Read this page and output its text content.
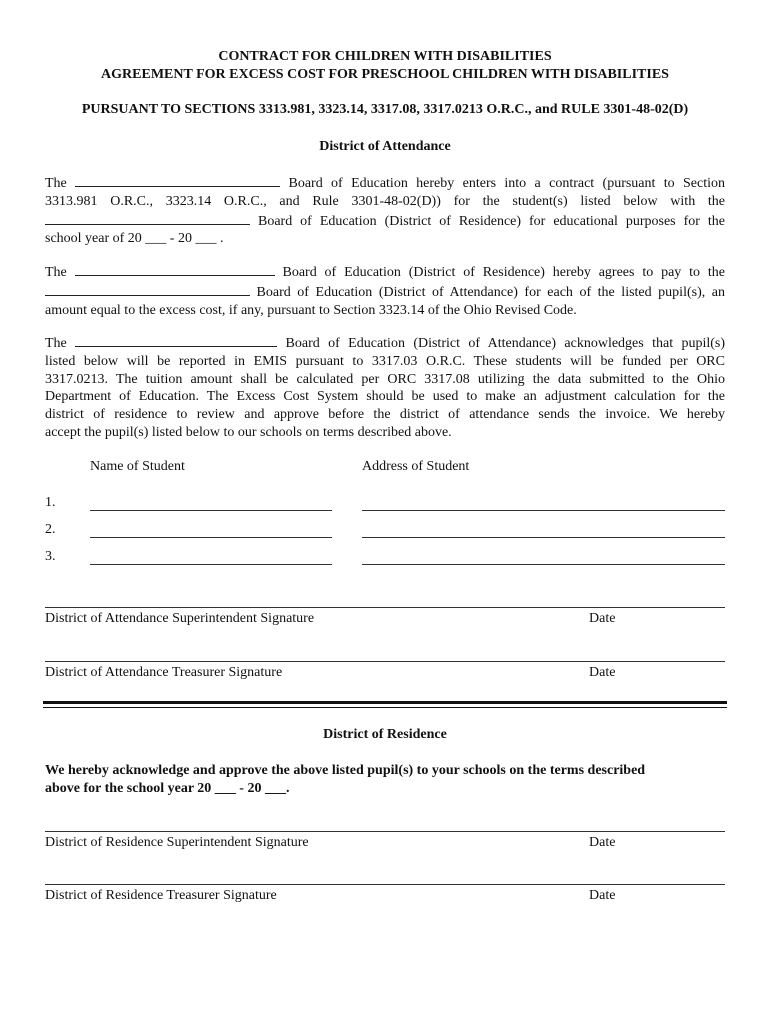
CONTRACT FOR CHILDREN WITH DISABILITIES
AGREEMENT FOR EXCESS COST FOR PRESCHOOL CHILDREN WITH DISABILITIES
PURSUANT TO SECTIONS 3313.981, 3323.14, 3317.08, 3317.0213 O.R.C., and RULE 3301-48-02(D)
District of Attendance
The	Board of Education hereby enters into a contract (pursuant to Section
3313.981 O.R.C., 3323.14 O.R.C., and Rule 3301-48-02(D)) for the student(s) listed below with the
Board of Education (District of Residence) for educational purposes for the
school year of 20 ___ - 20 ___ .
The	Board of Education (District of Residence) hereby agrees to pay to the
Board of Education (District of Attendance) for each of the listed pupil(s), an
amount equal to the excess cost, if any, pursuant to Section 3323.14 of the Ohio Revised Code.
The	Board of Education (District of Attendance) acknowledges that pupil(s)
listed below will be reported in EMIS pursuant to 3317.03 O.R.C. These students will be funded per ORC
3317.0213. The tuition amount shall be calculated per ORC 3317.08 utilizing the data submitted to the Ohio
Department of Education. The Excess Cost System should be used to make an adjustment calculation for the
district of residence to review and approve before the district of attendance sends the invoice. We hereby
accept the pupil(s) listed below to our schools on terms described above.
Name of Student	Address of Student
1.
2.
3.
District of Attendance Superintendent Signature	Date
District of Attendance Treasurer Signature	Date
District of Residence
We hereby acknowledge and approve the above listed pupil(s) to your schools on the terms described
above for the school year 20 ___ - 20 ___.
District of Residence Superintendent Signature	Date
District of Residence Treasurer Signature	Date
